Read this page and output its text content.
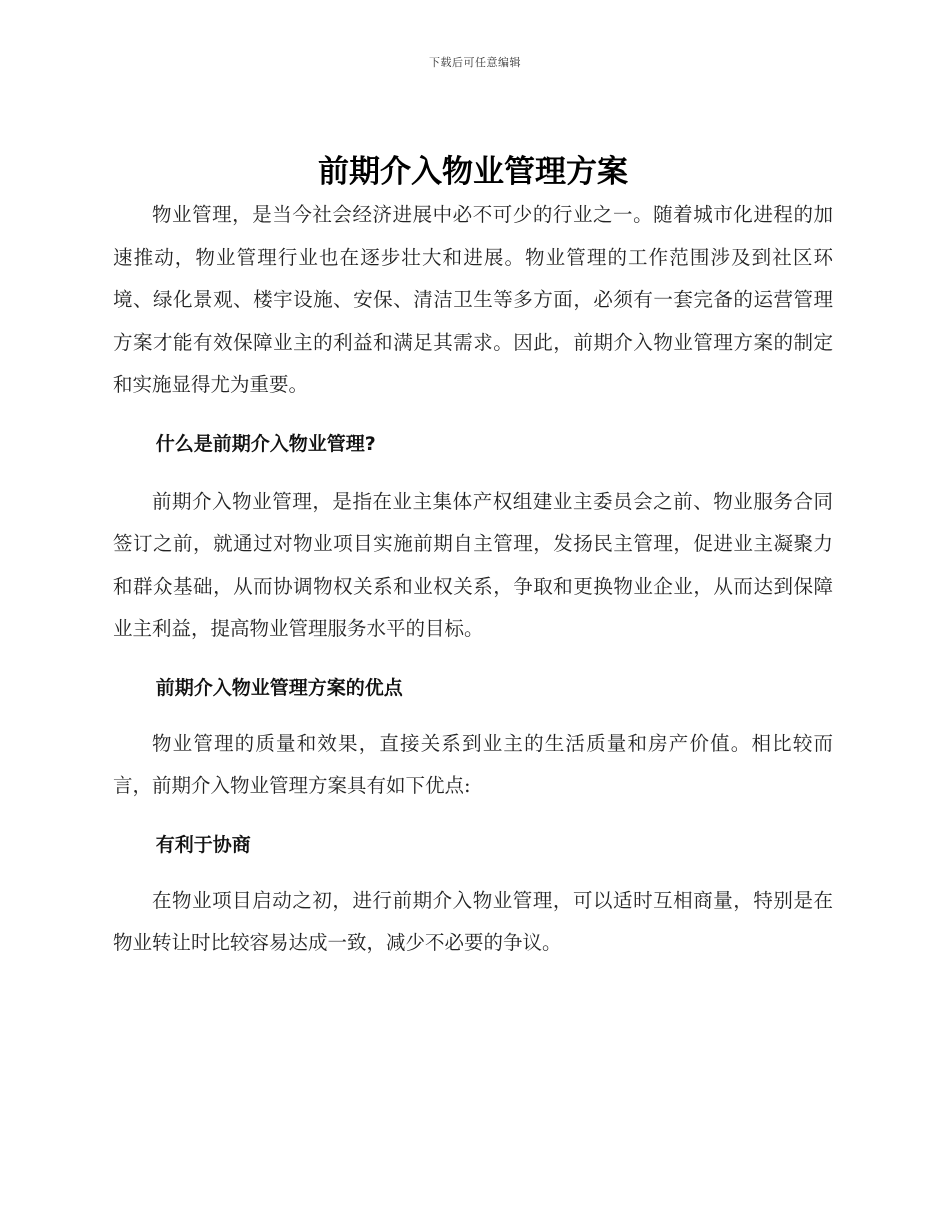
下载后可任意编辑
前期介入物业管理方案

物业管理，是当今社会经济进展中必不可少的行业之一。随着城市化进程的加速推动，物业管理行业也在逐步壮大和进展。物业管理的工作范围涉及到社区环境、绿化景观、楼宇设施、安保、清洁卫生等多方面，必须有一套完备的运营管理方案才能有效保障业主的利益和满足其需求。因此，前期介入物业管理方案的制定和实施显得尤为重要。

什么是前期介入物业管理?

前期介入物业管理，是指在业主集体产权组建业主委员会之前、物业服务合同签订之前，就通过对物业项目实施前期自主管理，发扬民主管理，促进业主凝聚力和群众基础，从而协调物权关系和业权关系，争取和更换物业企业，从而达到保障业主利益，提高物业管理服务水平的目标。

前期介入物业管理方案的优点

物业管理的质量和效果，直接关系到业主的生活质量和房产价值。相比较而言，前期介入物业管理方案具有如下优点:

有利于协商

在物业项目启动之初，进行前期介入物业管理，可以适时互相商量，特别是在物业转让时比较容易达成一致，减少不必要的争议。
